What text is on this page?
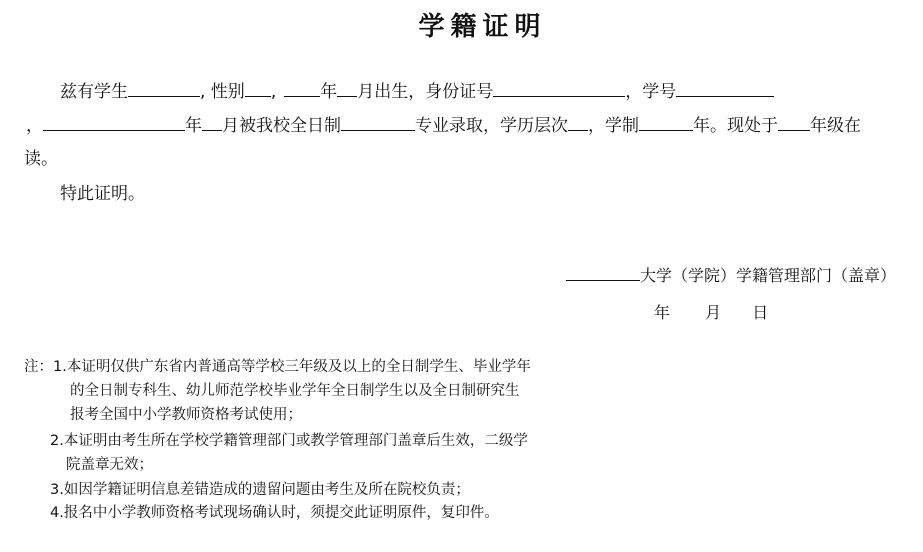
学籍证明
兹有学生	, 性别 ,	年 月出生，身份证号	，学号
，	年 月被我校全日制	专业录取，学历层次 ，学制	年。现处于 年级在
读。
特此证明。
大学（学院）学籍管理部门（盖章）
年 月 日
注：1.本证明仅供广东省内普通高等学校三年级及以上的全日制学生、毕业学年
的全日制专科生、幼儿师范学校毕业学年全日制学生以及全日制研究生
报考全国中小学教师资格考试使用；
2.本证明由考生所在学校学籍管理部门或教学管理部门盖章后生效，二级学
院盖章无效；
3.如因学籍证明信息差错造成的遗留问题由考生及所在院校负责；
4.报名中小学教师资格考试现场确认时，须提交此证明原件，复印件。
